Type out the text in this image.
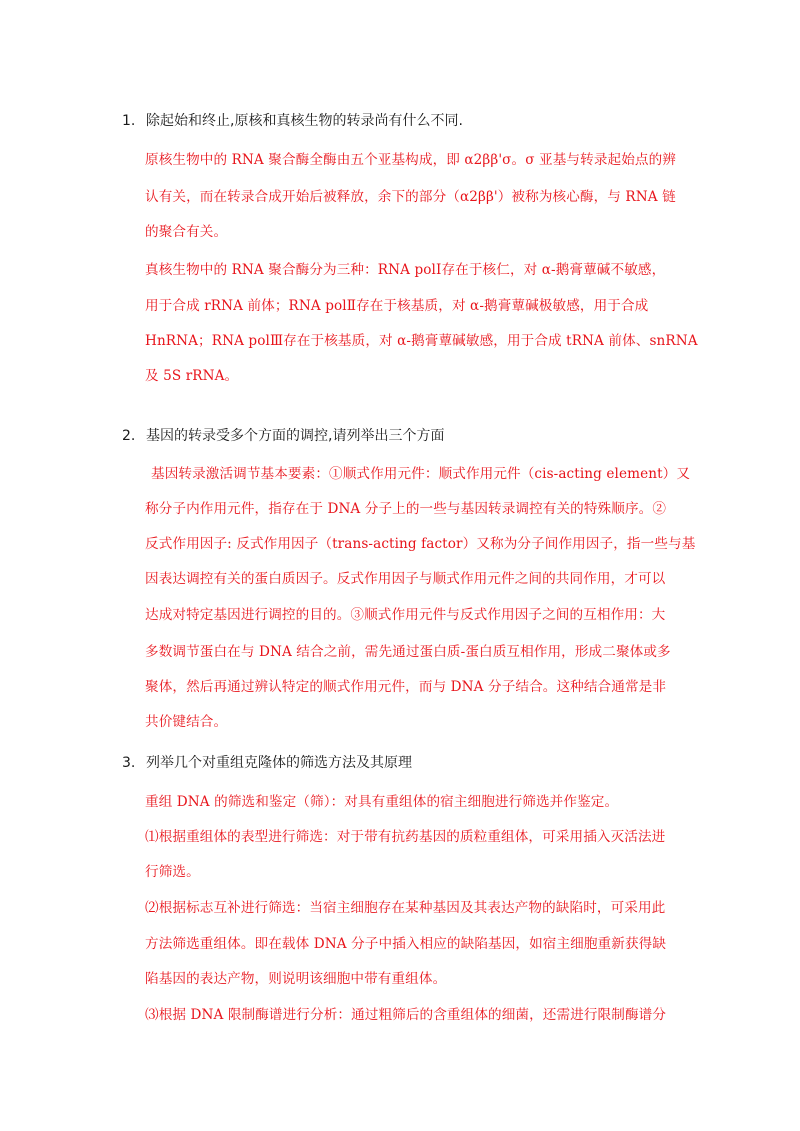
1. 除起始和终止,原核和真核生物的转录尚有什么不同.
原核生物中的 RNA 聚合酶全酶由五个亚基构成，即 α2ββ'σ。σ 亚基与转录起始点的辨
认有关，而在转录合成开始后被释放，余下的部分（α2ββ'）被称为核心酶，与 RNA 链
的聚合有关。
真核生物中的 RNA 聚合酶分为三种：RNA polⅠ存在于核仁，对 α-鹅膏蕈碱不敏感，
用于合成 rRNA 前体；RNA polⅡ存在于核基质，对 α-鹅膏蕈碱极敏感，用于合成
HnRNA；RNA polⅢ存在于核基质，对 α-鹅膏蕈碱敏感，用于合成 tRNA 前体、snRNA
及 5S rRNA。
2. 基因的转录受多个方面的调控,请列举出三个方面
基因转录激活调节基本要素：①顺式作用元件：顺式作用元件（cis-acting element）又
称分子内作用元件，指存在于 DNA 分子上的一些与基因转录调控有关的特殊顺序。②
反式作用因子: 反式作用因子（trans-acting factor）又称为分子间作用因子，指一些与基
因表达调控有关的蛋白质因子。反式作用因子与顺式作用元件之间的共同作用，才可以
达成对特定基因进行调控的目的。③顺式作用元件与反式作用因子之间的互相作用：大
多数调节蛋白在与 DNA 结合之前，需先通过蛋白质-蛋白质互相作用，形成二聚体或多
聚体，然后再通过辨认特定的顺式作用元件，而与 DNA 分子结合。这种结合通常是非
共价键结合。
3. 列举几个对重组克隆体的筛选方法及其原理
重组 DNA 的筛选和鉴定（筛）：对具有重组体的宿主细胞进行筛选并作鉴定。
⑴根据重组体的表型进行筛选：对于带有抗药基因的质粒重组体，可采用插入灭活法进
行筛选。
⑵根据标志互补进行筛选：当宿主细胞存在某种基因及其表达产物的缺陷时，可采用此
方法筛选重组体。即在载体 DNA 分子中插入相应的缺陷基因，如宿主细胞重新获得缺
陷基因的表达产物，则说明该细胞中带有重组体。
⑶根据 DNA 限制酶谱进行分析：通过粗筛后的含重组体的细菌，还需进行限制酶谱分
